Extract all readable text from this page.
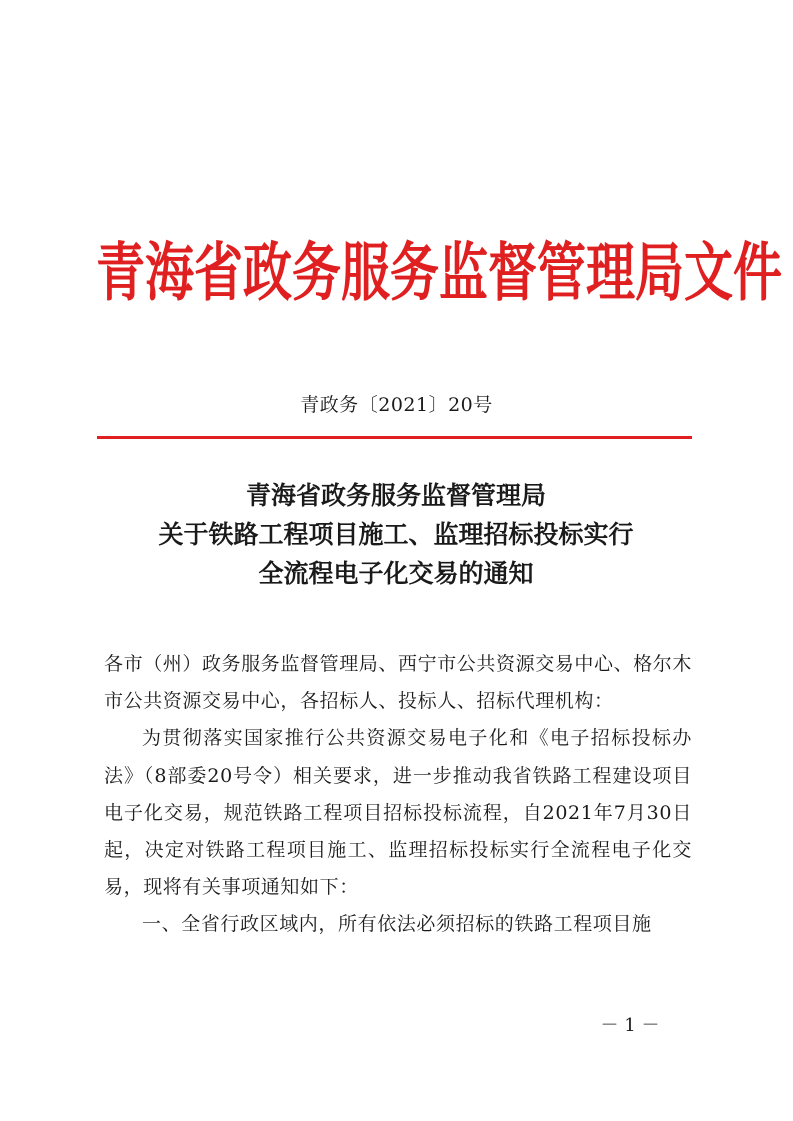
青海省政务服务监督管理局文件
青政务〔2021〕20号
青海省政务服务监督管理局
关于铁路工程项目施工、监理招标投标实行
全流程电子化交易的通知

各市（州）政务服务监督管理局、西宁市公共资源交易中心、格尔木市公共资源交易中心，各招标人、投标人、招标代理机构：

为贯彻落实国家推行公共资源交易电子化和《电子招标投标办法》（8部委20号令）相关要求，进一步推动我省铁路工程建设项目电子化交易，规范铁路工程项目招标投标流程，自2021年7月30日起，决定对铁路工程项目施工、监理招标投标实行全流程电子化交易，现将有关事项通知如下：

一、全省行政区域内，所有依法必须招标的铁路工程项目施

－ 1 －
